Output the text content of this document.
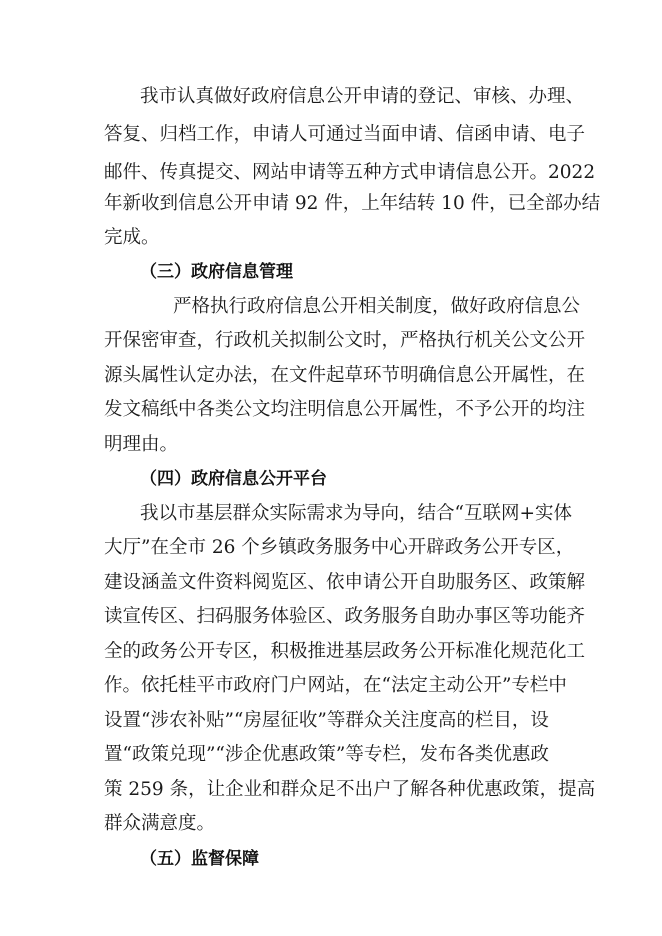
我市认真做好政府信息公开申请的登记、审核、办理、
答复、归档工作，申请人可通过当面申请、信函申请、电子
邮件、传真提交、网站申请等五种方式申请信息公开。2022
年新收到信息公开申请 92 件，上年结转 10 件，已全部办结
完成。
（三）政府信息管理
严格执行政府信息公开相关制度，做好政府信息公
开保密审查，行政机关拟制公文时，严格执行机关公文公开
源头属性认定办法，在文件起草环节明确信息公开属性，在
发文稿纸中各类公文均注明信息公开属性，不予公开的均注
明理由。
（四）政府信息公开平台
我以市基层群众实际需求为导向，结合“互联网+实体
大厅”在全市 26 个乡镇政务服务中心开辟政务公开专区，
建设涵盖文件资料阅览区、依申请公开自助服务区、政策解
读宣传区、扫码服务体验区、政务服务自助办事区等功能齐
全的政务公开专区，积极推进基层政务公开标准化规范化工
作。依托桂平市政府门户网站，在“法定主动公开”专栏中
设置“涉农补贴”“房屋征收”等群众关注度高的栏目，设
置“政策兑现”“涉企优惠政策”等专栏，发布各类优惠政
策 259 条，让企业和群众足不出户了解各种优惠政策，提高
群众满意度。
（五）监督保障
